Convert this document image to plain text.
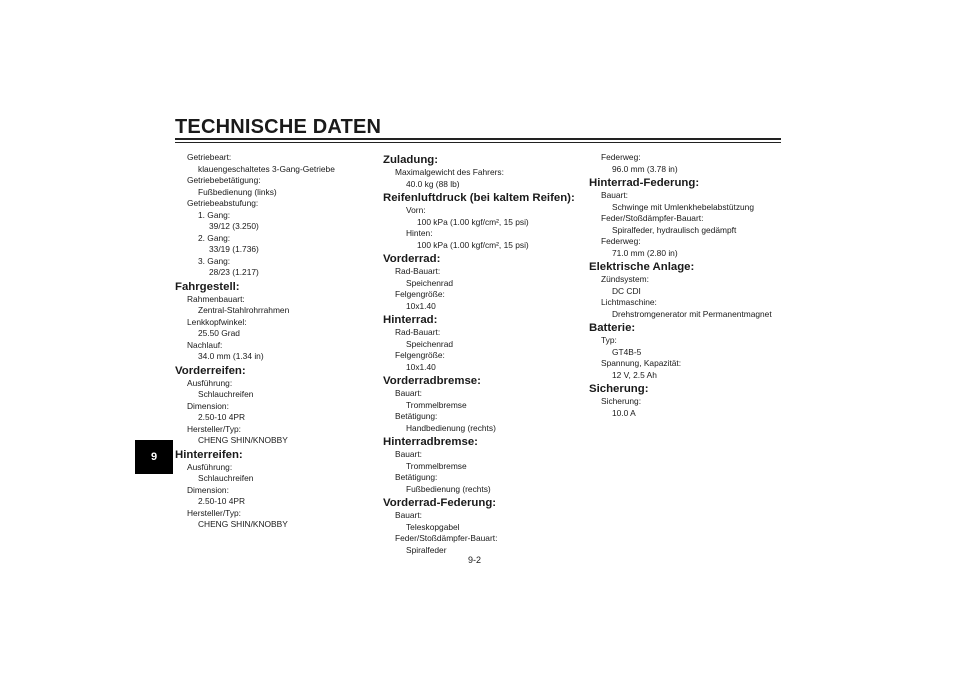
TECHNISCHE DATEN
9
Getriebeart:
klauengeschaltetes 3-Gang-Getriebe
Getriebebetätigung:
Fußbedienung (links)
Getriebeabstufung:
1. Gang:
39/12 (3.250)
2. Gang:
33/19 (1.736)
3. Gang:
28/23 (1.217)
Fahrgestell:
Rahmenbauart:
Zentral-Stahlrohrrahmen
Lenkkopfwinkel:
25.50 Grad
Nachlauf:
34.0 mm (1.34 in)
Vorderreifen:
Ausführung:
Schlauchreifen
Dimension:
2.50-10 4PR
Hersteller/Typ:
CHENG SHIN/KNOBBY
Hinterreifen:
Ausführung:
Schlauchreifen
Dimension:
2.50-10 4PR
Hersteller/Typ:
CHENG SHIN/KNOBBY
Zuladung:
Maximalgewicht des Fahrers:
40.0 kg (88 lb)
Reifenluftdruck (bei kaltem Reifen):
Vorn:
100 kPa (1.00 kgf/cm², 15 psi)
Hinten:
100 kPa (1.00 kgf/cm², 15 psi)
Vorderrad:
Rad-Bauart:
Speichenrad
Felgengröße:
10x1.40
Hinterrad:
Rad-Bauart:
Speichenrad
Felgengröße:
10x1.40
Vorderradbremse:
Bauart:
Trommelbremse
Betätigung:
Handbedienung (rechts)
Hinterradbremse:
Bauart:
Trommelbremse
Betätigung:
Fußbedienung (rechts)
Vorderrad-Federung:
Bauart:
Teleskopgabel
Feder/Stoßdämpfer-Bauart:
Spiralfeder
Federweg:
96.0 mm (3.78 in)
Hinterrad-Federung:
Bauart:
Schwinge mit Umlenkhebelabstützung
Feder/Stoßdämpfer-Bauart:
Spiralfeder, hydraulisch gedämpft
Federweg:
71.0 mm (2.80 in)
Elektrische Anlage:
Zündsystem:
DC CDI
Lichtmaschine:
Drehstromgenerator mit Permanentmagnet
Batterie:
Typ:
GT4B-5
Spannung, Kapazität:
12 V, 2.5 Ah
Sicherung:
Sicherung:
10.0 A
9-2
